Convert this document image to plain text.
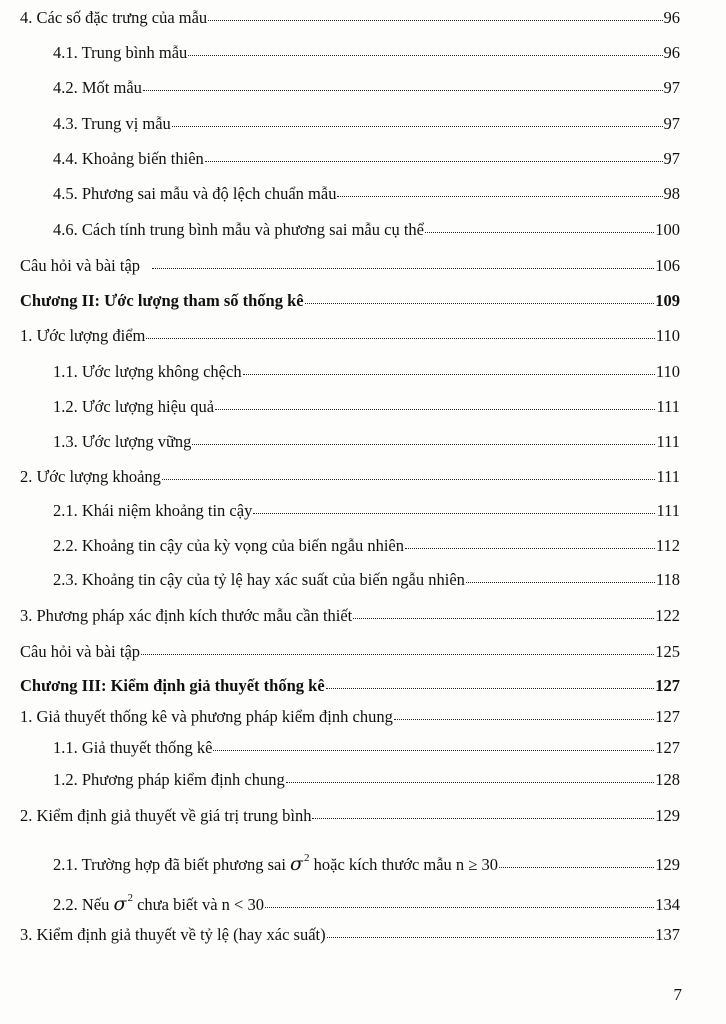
4. Các số đặc trưng của mẫu	96
4.1. Trung bình mẫu	96
4.2. Mốt mẫu	97
4.3. Trung vị mẫu	97
4.4. Khoảng biến thiên	97
4.5. Phương sai mẫu và độ lệch chuẩn mẫu	98
4.6. Cách tính trung bình mẫu và phương sai mẫu cụ thể	100
Câu hỏi và bài tập	106
Chương II: Ước lượng tham số thống kê	109
1. Ước lượng điểm	110
1.1. Ước lượng không chệch	110
1.2. Ước lượng hiệu quả	111
1.3. Ước lượng vững	111
2. Ước lượng khoảng	111
2.1. Khái niệm khoảng tin cậy	111
2.2. Khoảng tin cậy của kỳ vọng của biến ngẫu nhiên	112
2.3. Khoảng tin cậy của tỷ lệ hay xác suất của biến ngẫu nhiên	118
3. Phương pháp xác định kích thước mẫu cần thiết	122
Câu hỏi và bài tập	125
Chương III: Kiểm định giả thuyết thống kê	127
1. Giả thuyết thống kê và phương pháp kiểm định chung	127
1.1. Giả thuyết thống kê	127
1.2. Phương pháp kiểm định chung	128
2. Kiểm định giả thuyết về giá trị trung bình	129
2.1. Trường hợp đã biết phương sai $\sigma^2$ hoặc kích thước mẫu n ≥ 30	129
2.2. Nếu $\sigma^2$ chưa biết và n < 30	134
3. Kiểm định giả thuyết về tỷ lệ (hay xác suất)	137
7
